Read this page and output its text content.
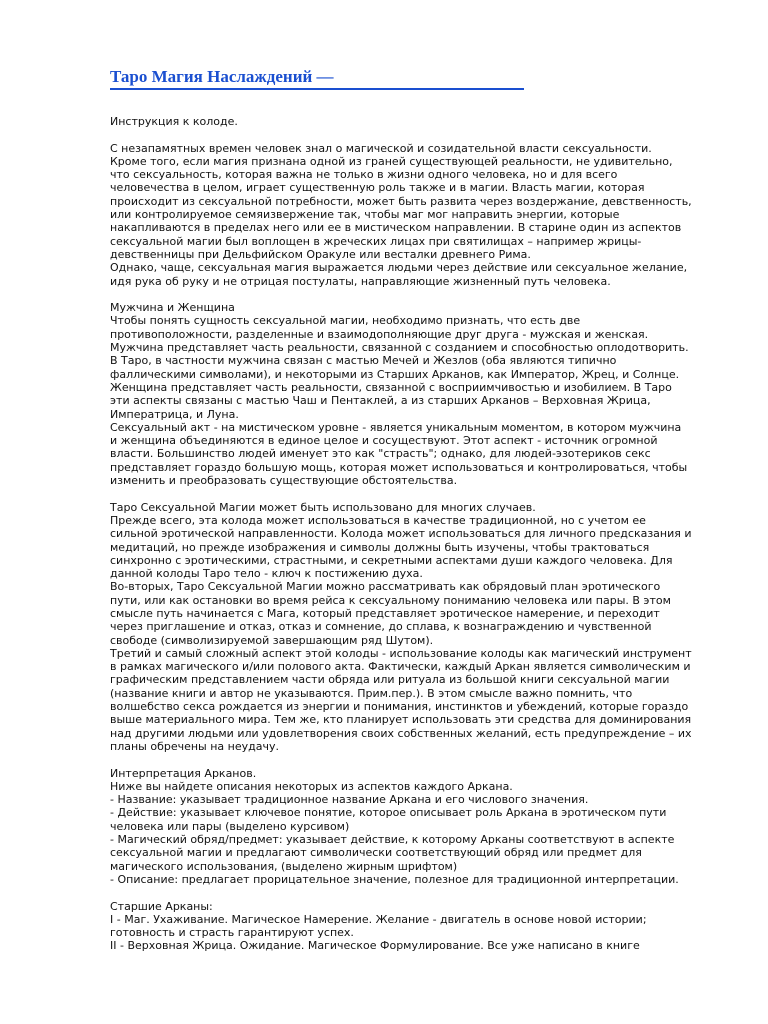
Таро Магия Наслаждений —

Инструкция к колоде.

С незапамятных времен человек знал о магической и созидательной власти сексуальности.
Кроме того, если магия признана одной из граней существующей реальности, не удивительно,
что сексуальность, которая важна не только в жизни одного человека, но и для всего
человечества в целом, играет существенную роль также и в магии. Власть магии, которая
происходит из сексуальной потребности, может быть развита через воздержание, девственность,
или контролируемое семяизвержение так, чтобы маг мог направить энергии, которые
накапливаются в пределах него или ее в мистическом направлении. В старине один из аспектов
сексуальной магии был воплощен в жреческих лицах при святилищах – например жрицы-
девственницы при Дельфийском Оракуле или весталки древнего Рима.
Однако, чаще, сексуальная магия выражается людьми через действие или сексуальное желание,
идя рука об руку и не отрицая постулаты, направляющие жизненный путь человека.

Мужчина и Женщина
Чтобы понять сущность сексуальной магии, необходимо признать, что есть две
противоположности, разделенные и взаимодополняющие друг друга - мужская и женская.
Мужчина представляет часть реальности, связанной с созданием и способностью оплодотворить.
В Таро, в частности мужчина связан с мастью Мечей и Жезлов (оба являются типично
фаллическими символами), и некоторыми из Старших Арканов, как Император, Жрец, и Солнце.
Женщина представляет часть реальности, связанной с восприимчивостью и изобилием. В Таро
эти аспекты связаны с мастью Чаш и Пентаклей, а из старших Арканов – Верховная Жрица,
Императрица, и Луна.
Сексуальный акт - на мистическом уровне - является уникальным моментом, в котором мужчина
и женщина объединяются в единое целое и сосуществуют. Этот аспект - источник огромной
власти. Большинство людей именует это как "страсть"; однако, для людей-эзотериков секс
представляет гораздо большую мощь, которая может использоваться и контролироваться, чтобы
изменить и преобразовать существующие обстоятельства.

Таро Сексуальной Магии может быть использовано для многих случаев.
Прежде всего, эта колода может использоваться в качестве традиционной, но с учетом ее
сильной эротической направленности. Колода может использоваться для личного предсказания и
медитаций, но прежде изображения и символы должны быть изучены, чтобы трактоваться
синхронно с эротическими, страстными, и секретными аспектами души каждого человека. Для
данной колоды Таро тело - ключ к постижению духа.
Во-вторых, Таро Сексуальной Магии можно рассматривать как обрядовый план эротического
пути, или как остановки во время рейса к сексуальному пониманию человека или пары. В этом
смысле путь начинается с Мага, который представляет эротическое намерение, и переходит
через приглашение и отказ, отказ и сомнение, до сплава, к вознаграждению и чувственной
свободе (символизируемой завершающим ряд Шутом).
Третий и самый сложный аспект этой колоды - использование колоды как магический инструмент
в рамках магического и/или полового акта. Фактически, каждый Аркан является символическим и
графическим представлением части обряда или ритуала из большой книги сексуальной магии
(название книги и автор не указываются. Прим.пер.). В этом смысле важно помнить, что
волшебство секса рождается из энергии и понимания, инстинктов и убеждений, которые гораздо
выше материального мира. Тем же, кто планирует использовать эти средства для доминирования
над другими людьми или удовлетворения своих собственных желаний, есть предупреждение – их
планы обречены на неудачу.

Интерпретация Арканов.
Ниже вы найдете описания некоторых из аспектов каждого Аркана.
- Название: указывает традиционное название Аркана и его числового значения.
- Действие: указывает ключевое понятие, которое описывает роль Аркана в эротическом пути
человека или пары (выделено курсивом)
- Магический обряд/предмет: указывает действие, к которому Арканы соответствуют в аспекте
сексуальной магии и предлагают символически соответствующий обряд или предмет для
магического использования, (выделено жирным шрифтом)
- Описание: предлагает прорицательное значение, полезное для традиционной интерпретации.

Старшие Арканы:
I - Маг. Ухаживание. Магическое Намерение. Желание - двигатель в основе новой истории;
готовность и страсть гарантируют успех.
II - Верховная Жрица. Ожидание. Магическое Формулирование. Все уже написано в книге
